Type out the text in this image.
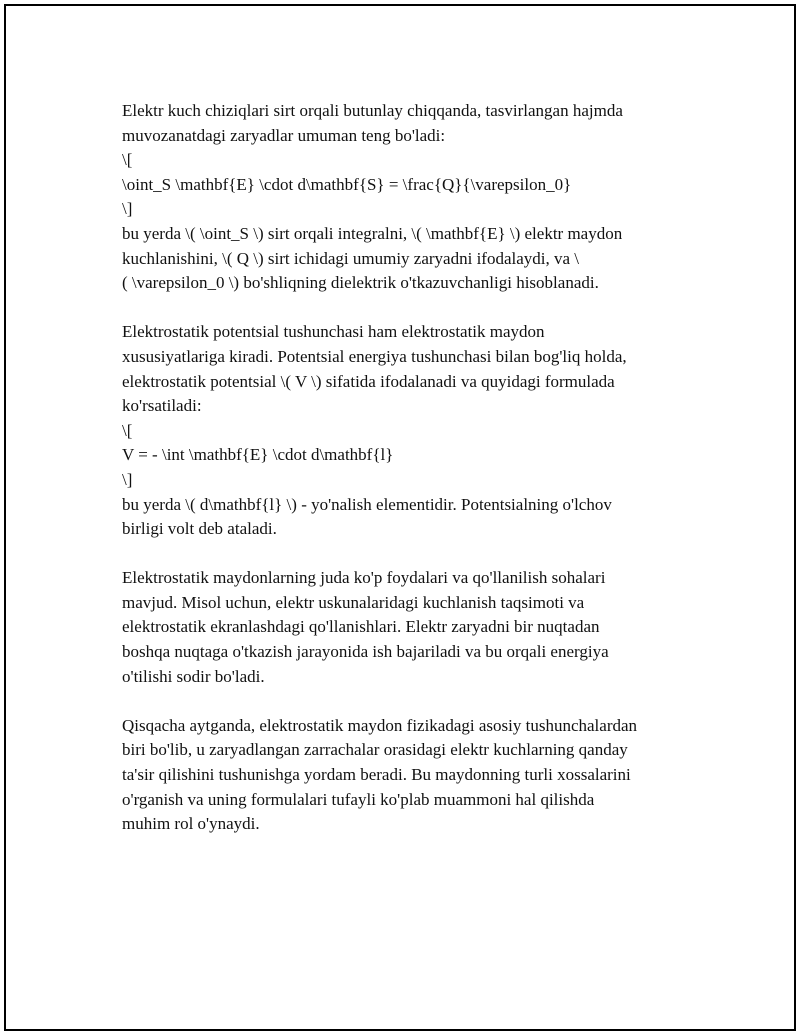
Elektr kuch chiziqlari sirt orqali butunlay chiqqanda, tasvirlangan hajmda
muvozanatdagi zaryadlar umuman teng bo'ladi:
\[
\oint_S \mathbf{E} \cdot d\mathbf{S} = \frac{Q}{\varepsilon_0}
\]
bu yerda \( \oint_S \) sirt orqali integralni, \( \mathbf{E} \) elektr maydon
kuchlanishini, \( Q \) sirt ichidagi umumiy zaryadni ifodalaydi, va \
( \varepsilon_0 \) bo'shliqning dielektrik o'tkazuvchanligi hisoblanadi.

Elektrostatik potentsial tushunchasi ham elektrostatik maydon
xususiyatlariga kiradi. Potentsial energiya tushunchasi bilan bog'liq holda,
elektrostatik potentsial \( V \) sifatida ifodalanadi va quyidagi formulada
ko'rsatiladi:
\[
V = - \int \mathbf{E} \cdot d\mathbf{l}
\]
bu yerda \( d\mathbf{l} \) - yo'nalish elementidir. Potentsialning o'lchov
birligi volt deb ataladi.

Elektrostatik maydonlarning juda ko'p foydalari va qo'llanilish sohalari
mavjud. Misol uchun, elektr uskunalaridagi kuchlanish taqsimoti va
elektrostatik ekranlashdagi qo'llanishlari. Elektr zaryadni bir nuqtadan
boshqa nuqtaga o'tkazish jarayonida ish bajariladi va bu orqali energiya
o'tilishi sodir bo'ladi.

Qisqacha aytganda, elektrostatik maydon fizikadagi asosiy tushunchalardan
biri bo'lib, u zaryadlangan zarrachalar orasidagi elektr kuchlarning qanday
ta'sir qilishini tushunishga yordam beradi. Bu maydonning turli xossalarini
o'rganish va uning formulalari tufayli ko'plab muammoni hal qilishda
muhim rol o'ynaydi.
